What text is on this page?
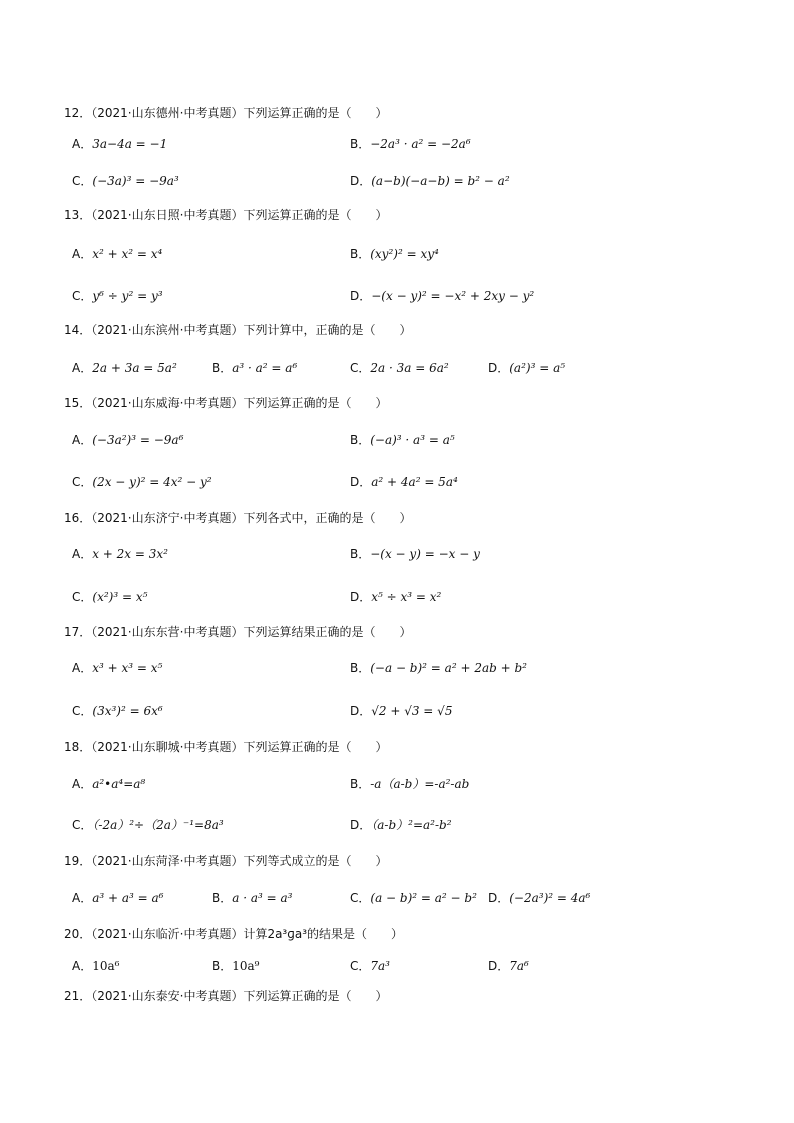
12．（2021·山东德州·中考真题）下列运算正确的是（　　）
A．3a−4a = −1	B．−2a³ · a² = −2a⁶
C．(−3a)³ = −9a³	D．(a−b)(−a−b) = b² − a²
13．（2021·山东日照·中考真题）下列运算正确的是（　　）
A．x² + x² = x⁴	B．(xy²)² = xy⁴
C．y⁶ ÷ y² = y³	D．−(x − y)² = −x² + 2xy − y²
14．（2021·山东滨州·中考真题）下列计算中，正确的是（　　）
A．2a + 3a = 5a²	B．a³ · a² = a⁶	C．2a · 3a = 6a²	D．(a²)³ = a⁵
15．（2021·山东威海·中考真题）下列运算正确的是（　　）
A．(−3a²)³ = −9a⁶	B．(−a)³ · a³ = a⁵
C．(2x − y)² = 4x² − y²	D．a² + 4a² = 5a⁴
16．（2021·山东济宁·中考真题）下列各式中，正确的是（　　）
A．x + 2x = 3x²	B．−(x − y) = −x − y
C．(x²)³ = x⁵	D．x⁵ ÷ x³ = x²
17．（2021·山东东营·中考真题）下列运算结果正确的是（　　）
A．x³ + x³ = x⁵	B．(−a − b)² = a² + 2ab + b²
C．(3x³)² = 6x⁶	D．√2 + √3 = √5
18．（2021·山东聊城·中考真题）下列运算正确的是（　　）
A．a²•a⁴=a⁸	B．-a（a-b）=-a²-ab
C．（-2a）²÷（2a）⁻¹=8a³	D．（a-b）²=a²-b²
19．（2021·山东菏泽·中考真题）下列等式成立的是（　　）
A．a³ + a³ = a⁶	B．a · a³ = a³	C．(a − b)² = a² − b² D．(−2a³)² = 4a⁶
20．（2021·山东临沂·中考真题）计算2a³ɡa³的结果是（　　）
A．10a⁶	B．10a⁹	C．7a³	D．7a⁶
21．（2021·山东泰安·中考真题）下列运算正确的是（　　）
